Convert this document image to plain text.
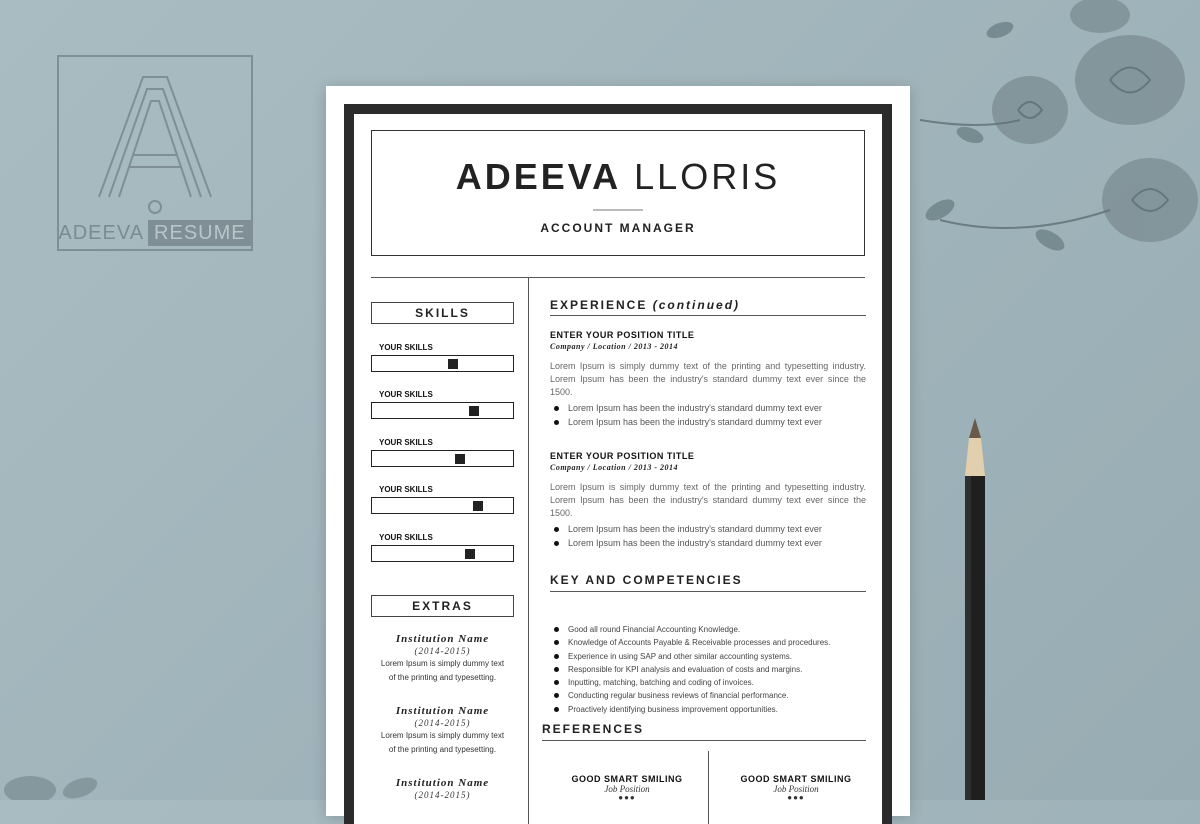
ADEEVA RESUME
ADEEVA LLORIS
ACCOUNT MANAGER
SKILLS
YOUR SKILLS
YOUR SKILLS
YOUR SKILLS
YOUR SKILLS
YOUR SKILLS
EXTRAS
Institution Name
(2014-2015)
Lorem Ipsum is simply dummy text
of the printing and typesetting.
Institution Name
(2014-2015)
Lorem Ipsum is simply dummy text
of the printing and typesetting.
Institution Name
(2014-2015)
EXPERIENCE (continued)
ENTER YOUR POSITION TITLE
Company / Location / 2013 - 2014
Lorem Ipsum is simply dummy text of the printing and typesetting industry. Lorem Ipsum has been the industry's standard dummy text ever since the 1500.
Lorem Ipsum has been the industry's standard dummy text ever
Lorem Ipsum has been the industry's standard dummy text ever
ENTER YOUR POSITION TITLE
Company / Location / 2013 - 2014
Lorem Ipsum is simply dummy text of the printing and typesetting industry. Lorem Ipsum has been the industry's standard dummy text ever since the 1500.
Lorem Ipsum has been the industry's standard dummy text ever
Lorem Ipsum has been the industry's standard dummy text ever
KEY AND COMPETENCIES
Good all round Financial Accounting Knowledge.
Knowledge of Accounts Payable & Receivable processes and procedures.
Experience in using SAP and other similar accounting systems.
Responsible for KPI analysis and evaluation of costs and margins.
Inputting, matching, batching and coding of invoices.
Conducting regular business reviews of financial performance.
Proactively identifying business improvement opportunities.
REFERENCES
GOOD SMART SMILING
Job Position
●●●
GOOD SMART SMILING
Job Position
●●●
